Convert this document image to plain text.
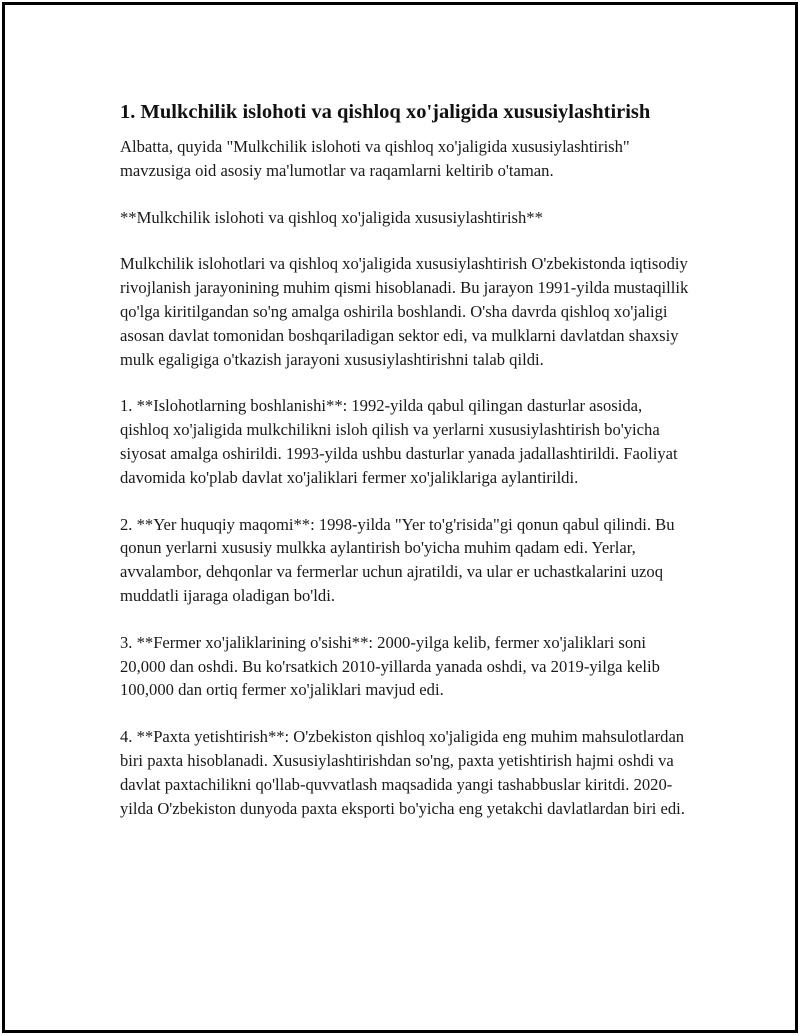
1. Mulkchilik islohoti va qishloq xo'jaligida xususiylashtirish

Albatta, quyida "Mulkchilik islohoti va qishloq xo'jaligida xususiylashtirish" mavzusiga oid asosiy ma'lumotlar va raqamlarni keltirib o'taman.

**Mulkchilik islohoti va qishloq xo'jaligida xususiylashtirish**

Mulkchilik islohotlari va qishloq xo'jaligida xususiylashtirish O'zbekistonda iqtisodiy rivojlanish jarayonining muhim qismi hisoblanadi. Bu jarayon 1991-yilda mustaqillik qo'lga kiritilgandan so'ng amalga oshirila boshlandi. O'sha davrda qishloq xo'jaligi asosan davlat tomonidan boshqariladigan sektor edi, va mulklarni davlatdan shaxsiy mulk egaligiga o'tkazish jarayoni xususiylashtirishni talab qildi.

1. **Islohotlarning boshlanishi**: 1992-yilda qabul qilingan dasturlar asosida, qishloq xo'jaligida mulkchilikni isloh qilish va yerlarni xususiylashtirish bo'yicha siyosat amalga oshirildi. 1993-yilda ushbu dasturlar yanada jadallashtirildi. Faoliyat davomida ko'plab davlat xo'jaliklari fermer xo'jaliklariga aylantirildi.

2. **Yer huquqiy maqomi**: 1998-yilda "Yer to'g'risida"gi qonun qabul qilindi. Bu qonun yerlarni xususiy mulkka aylantirish bo'yicha muhim qadam edi. Yerlar, avvalambor, dehqonlar va fermerlar uchun ajratildi, va ular er uchastkalarini uzoq muddatli ijaraga oladigan bo'ldi.

3. **Fermer xo'jaliklarining o'sishi**: 2000-yilga kelib, fermer xo'jaliklari soni 20,000 dan oshdi. Bu ko'rsatkich 2010-yillarda yanada oshdi, va 2019-yilga kelib 100,000 dan ortiq fermer xo'jaliklari mavjud edi.

4. **Paxta yetishtirish**: O'zbekiston qishloq xo'jaligida eng muhim mahsulotlardan biri paxta hisoblanadi. Xususiylashtirishdan so'ng, paxta yetishtirish hajmi oshdi va davlat paxtachilikni qo'llab-quvvatlash maqsadida yangi tashabbuslar kiritdi. 2020-yilda O'zbekiston dunyoda paxta eksporti bo'yicha eng yetakchi davlatlardan biri edi.
